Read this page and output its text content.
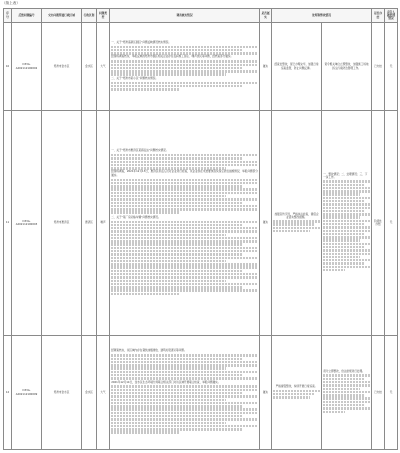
（续上表）
序号	反馈问题编号	交办问题所属行政区域	行政区划	问题类型	调查核实情况	是否属实	处理和整改情况		是否办结	责任人被处理情况
10	D33A-A202112100002	郑州市金水区	金水区	大气	一、关于“郑州高新区园区”问题反映情况核实情况。
经现场调查核实，举报反映的郑州市园区相关企业存在夜间施工扬尘、噪声扰民等问题，经核查部分属实。
二、关于“郑州市某小区”问题核实情况。	属实	经查处整改，现已办理完毕，加强日常巡查监管，防止问题反弹。	责令相关单位立即整改，加强施工场地扬尘污染防治管理工作。	已办结	无
11	D33A-A202112100003	郑州市惠济区	惠济区	噪声	一、关于“郑州市惠济区某商砼站”问题核实情况。
经现场调查，2021年12月13日，惠济区执法人员对企业进行检查，该企业存在未按要求落实扬尘防治措施情况，举报问题部分属实。
二、关于“某厂房运输车辆”问题核实情况。	属实	加强宣传引导，严格执法检查，督促企业落实整改措施。	一、整改情况；二、处理情况；三、下一步工作。	阶段性办结	无
12	D33A-A202112100009	郑州市金水区	金水区	大气	经调查核实，该区域内存在餐饮油烟排放、建筑垃圾清运等问题。
2021年12月14日，金水区生态环境分局联合相关部门对该区域开展联合检查，举报问题属实。	属实	严格督促整改，持续开展日常巡查。	责令立即整改，依法依规进行处理。	已办结	无
